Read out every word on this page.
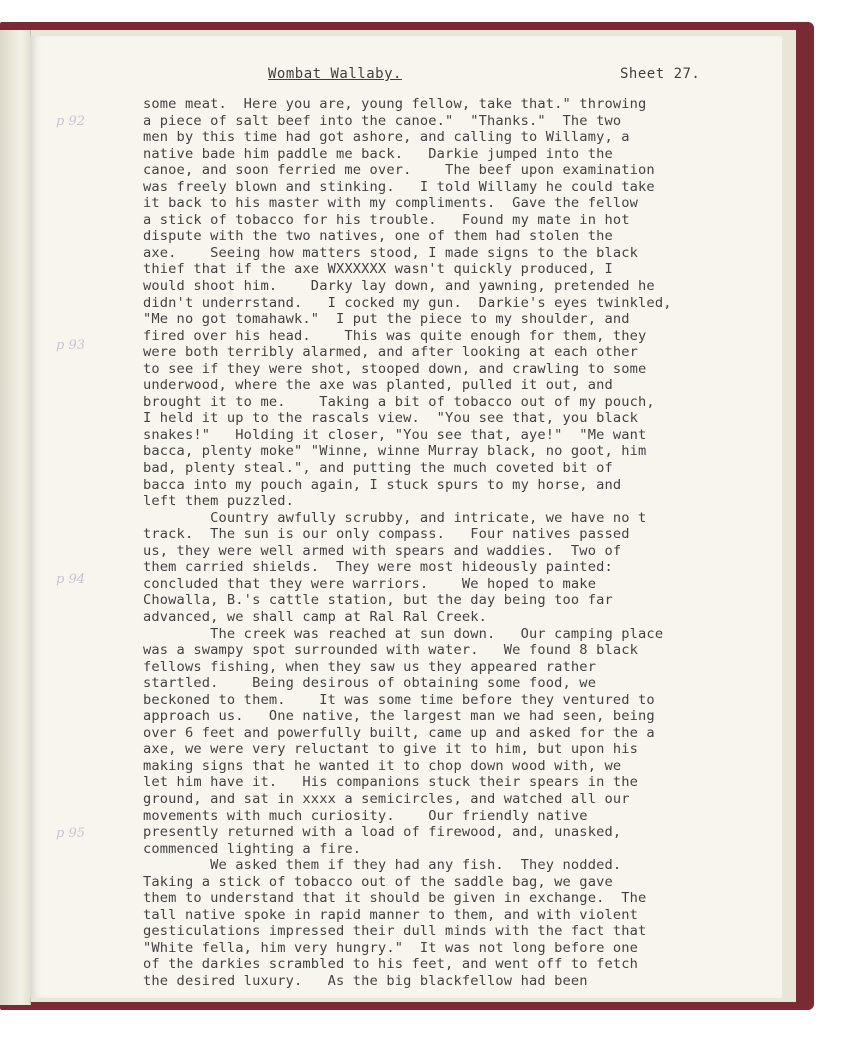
Wombat Wallaby.	Sheet 27.
p 92
p 93
p 94
p 95
some meat.  Here you are, young fellow, take that." throwing
a piece of salt beef into the canoe."  "Thanks."  The two
men by this time had got ashore, and calling to Willamy, a
native bade him paddle me back.   Darkie jumped into the
canoe, and soon ferried me over.    The beef upon examination
was freely blown and stinking.   I told Willamy he could take
it back to his master with my compliments.  Gave the fellow
a stick of tobacco for his trouble.   Found my mate in hot
dispute with the two natives, one of them had stolen the
axe.    Seeing how matters stood, I made signs to the black
thief that if the axe WXXXXXX wasn't quickly produced, I
would shoot him.    Darky lay down, and yawning, pretended he
didn't underrstand.   I cocked my gun.  Darkie's eyes twinkled,
"Me no got tomahawk."  I put the piece to my shoulder, and
fired over his head.    This was quite enough for them, they
were both terribly alarmed, and after looking at each other
to see if they were shot, stooped down, and crawling to some
underwood, where the axe was planted, pulled it out, and
brought it to me.    Taking a bit of tobacco out of my pouch,
I held it up to the rascals view.  "You see that, you black
snakes!"   Holding it closer, "You see that, aye!"  "Me want
bacca, plenty moke" "Winne, winne Murray black, no goot, him
bad, plenty steal.", and putting the much coveted bit of
bacca into my pouch again, I stuck spurs to my horse, and
left them puzzled.
Country awfully scrubby, and intricate, we have no t
track.  The sun is our only compass.   Four natives passed
us, they were well armed with spears and waddies.  Two of
them carried shields.  They were most hideously painted:
concluded that they were warriors.    We hoped to make
Chowalla, B.'s cattle station, but the day being too far
advanced, we shall camp at Ral Ral Creek.
The creek was reached at sun down.   Our camping place
was a swampy spot surrounded with water.   We found 8 black
fellows fishing, when they saw us they appeared rather
startled.    Being desirous of obtaining some food, we
beckoned to them.    It was some time before they ventured to
approach us.   One native, the largest man we had seen, being
over 6 feet and powerfully built, came up and asked for the a
axe, we were very reluctant to give it to him, but upon his
making signs that he wanted it to chop down wood with, we
let him have it.   His companions stuck their spears in the
ground, and sat in xxxx a semicircles, and watched all our
movements with much curiosity.    Our friendly native
presently returned with a load of firewood, and, unasked,
commenced lighting a fire.
We asked them if they had any fish.  They nodded.
Taking a stick of tobacco out of the saddle bag, we gave
them to understand that it should be given in exchange.  The
tall native spoke in rapid manner to them, and with violent
gesticulations impressed their dull minds with the fact that
"White fella, him very hungry."  It was not long before one
of the darkies scrambled to his feet, and went off to fetch
the desired luxury.   As the big blackfellow had been
